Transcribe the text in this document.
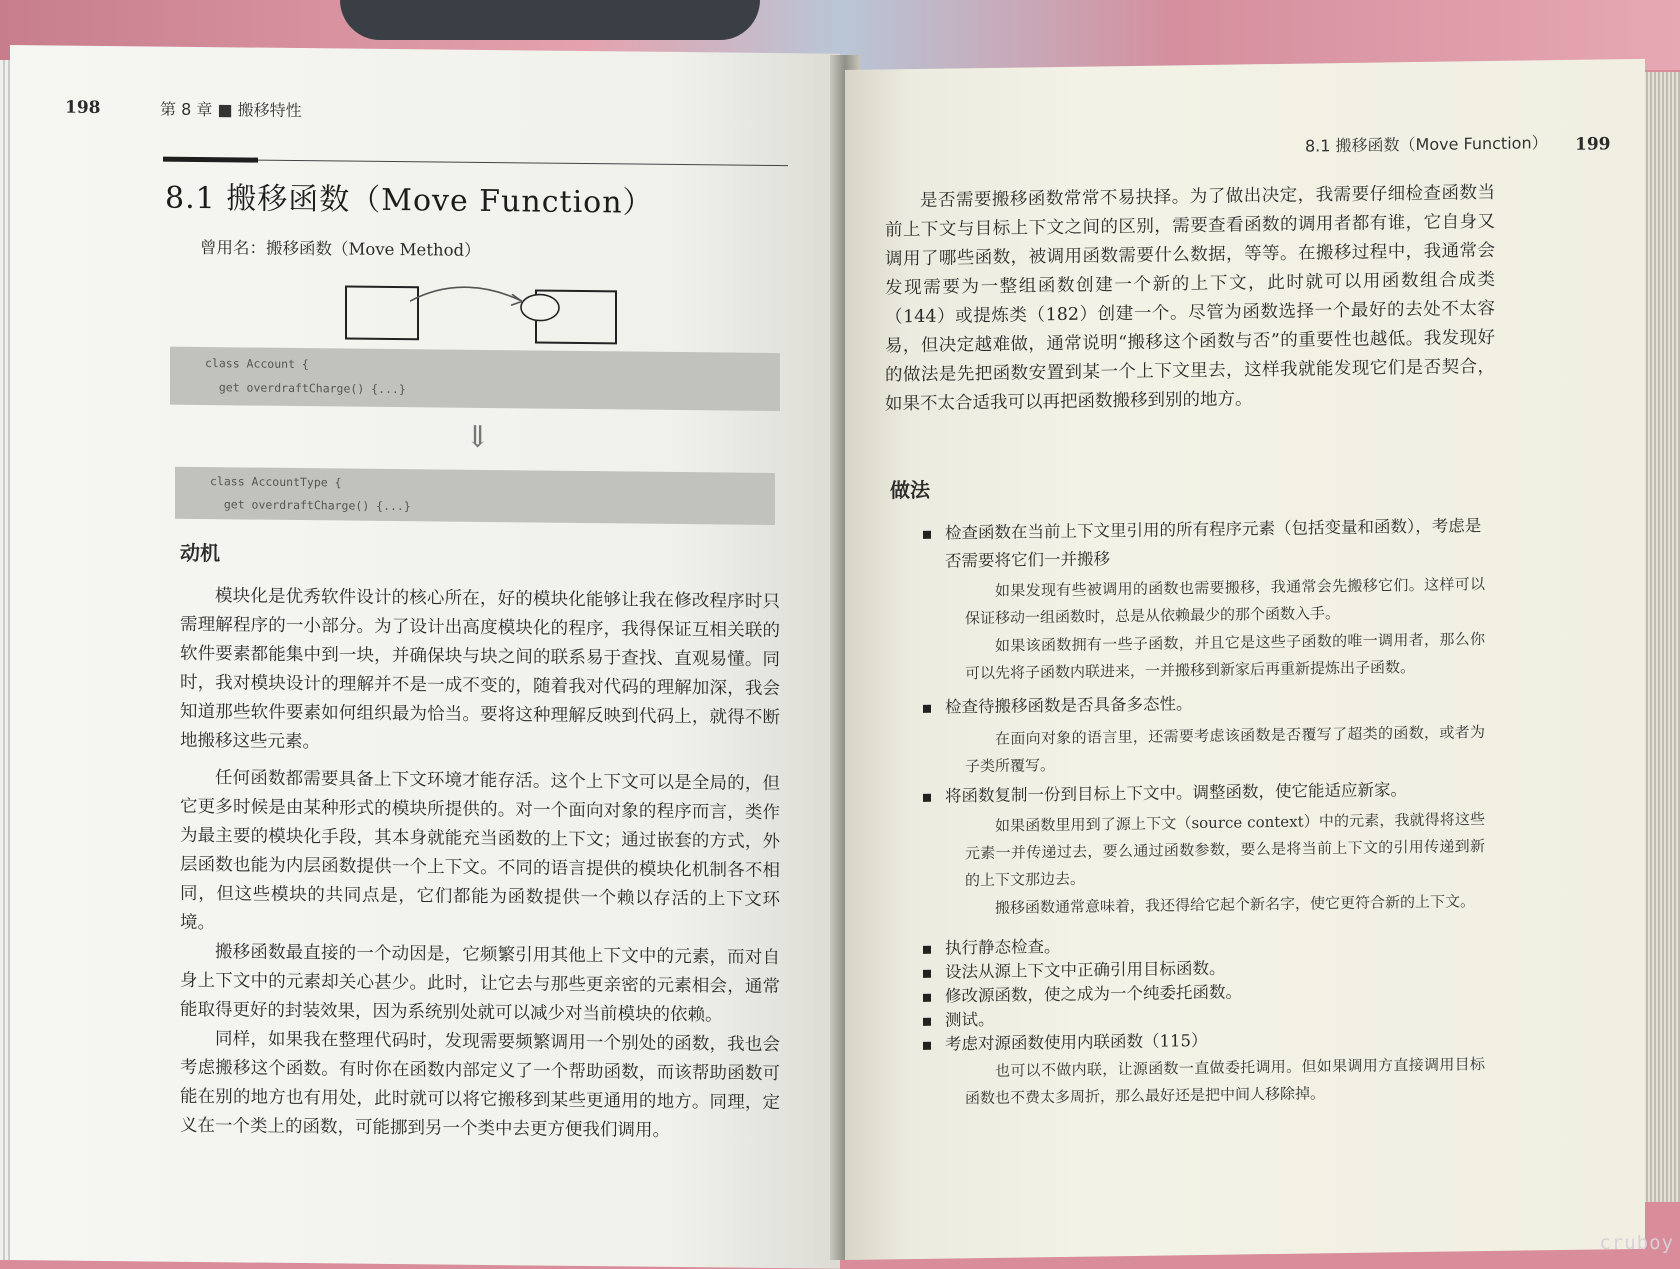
198	第 8 章 ■ 搬移特性
8.1 搬移函数（Move Function）
曾用名：搬移函数（Move Method）
class Account {
get overdraftCharge() {...}
⇓
class AccountType {
get overdraftCharge() {...}
动机

模块化是优秀软件设计的核心所在，好的模块化能够让我在修改程序时只需理解程序的一小部分。为了设计出高度模块化的程序，我得保证互相关联的软件要素都能集中到一块，并确保块与块之间的联系易于查找、直观易懂。同时，我对模块设计的理解并不是一成不变的，随着我对代码的理解加深，我会知道那些软件要素如何组织最为恰当。要将这种理解反映到代码上，就得不断地搬移这些元素。

任何函数都需要具备上下文环境才能存活。这个上下文可以是全局的，但它更多时候是由某种形式的模块所提供的。对一个面向对象的程序而言，类作为最主要的模块化手段，其本身就能充当函数的上下文；通过嵌套的方式，外层函数也能为内层函数提供一个上下文。不同的语言提供的模块化机制各不相同，但这些模块的共同点是，它们都能为函数提供一个赖以存活的上下文环境。

搬移函数最直接的一个动因是，它频繁引用其他上下文中的元素，而对自身上下文中的元素却关心甚少。此时，让它去与那些更亲密的元素相会，通常能取得更好的封装效果，因为系统别处就可以减少对当前模块的依赖。

同样，如果我在整理代码时，发现需要频繁调用一个别处的函数，我也会考虑搬移这个函数。有时你在函数内部定义了一个帮助函数，而该帮助函数可能在别的地方也有用处，此时就可以将它搬移到某些更通用的地方。同理，定义在一个类上的函数，可能挪到另一个类中去更方便我们调用。

8.1 搬移函数（Move Function） 199

是否需要搬移函数常常不易抉择。为了做出决定，我需要仔细检查函数当前上下文与目标上下文之间的区别，需要查看函数的调用者都有谁，它自身又调用了哪些函数，被调用函数需要什么数据，等等。在搬移过程中，我通常会发现需要为一整组函数创建一个新的上下文，此时就可以用函数组合成类（144）或提炼类（182）创建一个。尽管为函数选择一个最好的去处不太容易，但决定越难做，通常说明“搬移这个函数与否”的重要性也越低。我发现好的做法是先把函数安置到某一个上下文里去，这样我就能发现它们是否契合，如果不太合适我可以再把函数搬移到别的地方。

做法
检查函数在当前上下文里引用的所有程序元素（包括变量和函数），考虑是否需要将它们一并搬移

如果发现有些被调用的函数也需要搬移，我通常会先搬移它们。这样可以保证移动一组函数时，总是从依赖最少的那个函数入手。

如果该函数拥有一些子函数，并且它是这些子函数的唯一调用者，那么你可以先将子函数内联进来，一并搬移到新家后再重新提炼出子函数。

检查待搬移函数是否具备多态性。

在面向对象的语言里，还需要考虑该函数是否覆写了超类的函数，或者为子类所覆写。

将函数复制一份到目标上下文中。调整函数，使它能适应新家。

如果函数里用到了源上下文（source context）中的元素，我就得将这些元素一并传递过去，要么通过函数参数，要么是将当前上下文的引用传递到新的上下文那边去。

搬移函数通常意味着，我还得给它起个新名字，使它更符合新的上下文。

执行静态检查。
设法从源上下文中正确引用目标函数。
修改源函数，使之成为一个纯委托函数。
测试。
考虑对源函数使用内联函数（115）

也可以不做内联，让源函数一直做委托调用。但如果调用方直接调用目标函数也不费太多周折，那么最好还是把中间人移除掉。

cruboy
